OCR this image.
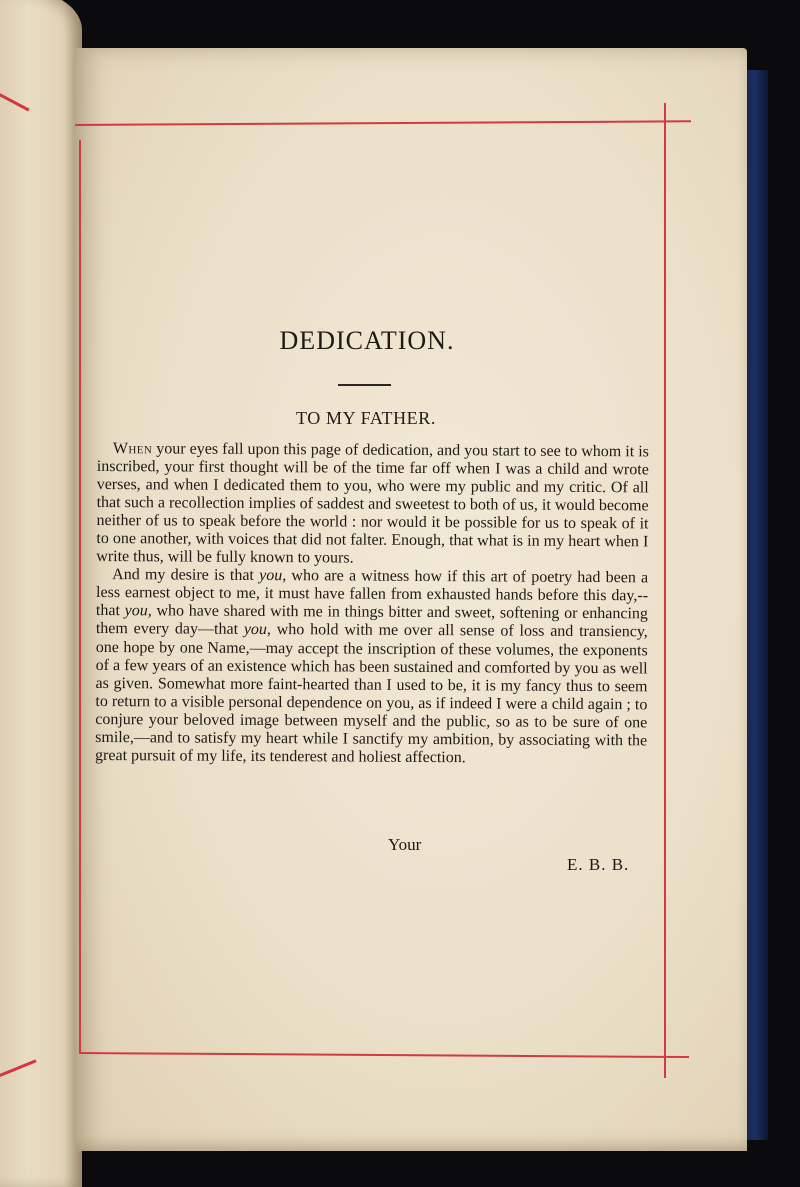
DEDICATION.
TO MY FATHER.

When your eyes fall upon this page of dedication, and you start to see to whom it is inscribed, your first thought will be of the time far off when I was a child and wrote verses, and when I dedicated them to you, who were my public and my critic. Of all that such a recollection implies of saddest and sweetest to both of us, it would become neither of us to speak before the world : nor would it be possible for us to speak of it to one another, with voices that did not falter. Enough, that what is in my heart when I write thus, will be fully known to yours.

And my desire is that you, who are a witness how if this art of poetry had been a less earnest object to me, it must have fallen from exhausted hands before this day,--that you, who have shared with me in things bitter and sweet, softening or enhancing them every day—that you, who hold with me over all sense of loss and transiency, one hope by one Name,—may accept the inscription of these volumes, the exponents of a few years of an existence which has been sustained and comforted by you as well as given. Somewhat more faint-hearted than I used to be, it is my fancy thus to seem to return to a visible personal dependence on you, as if indeed I were a child again ; to conjure your beloved image between myself and the public, so as to be sure of one smile,—and to satisfy my heart while I sanctify my ambition, by associating with the great pursuit of my life, its tenderest and holiest affection.

Your
E. B. B.
